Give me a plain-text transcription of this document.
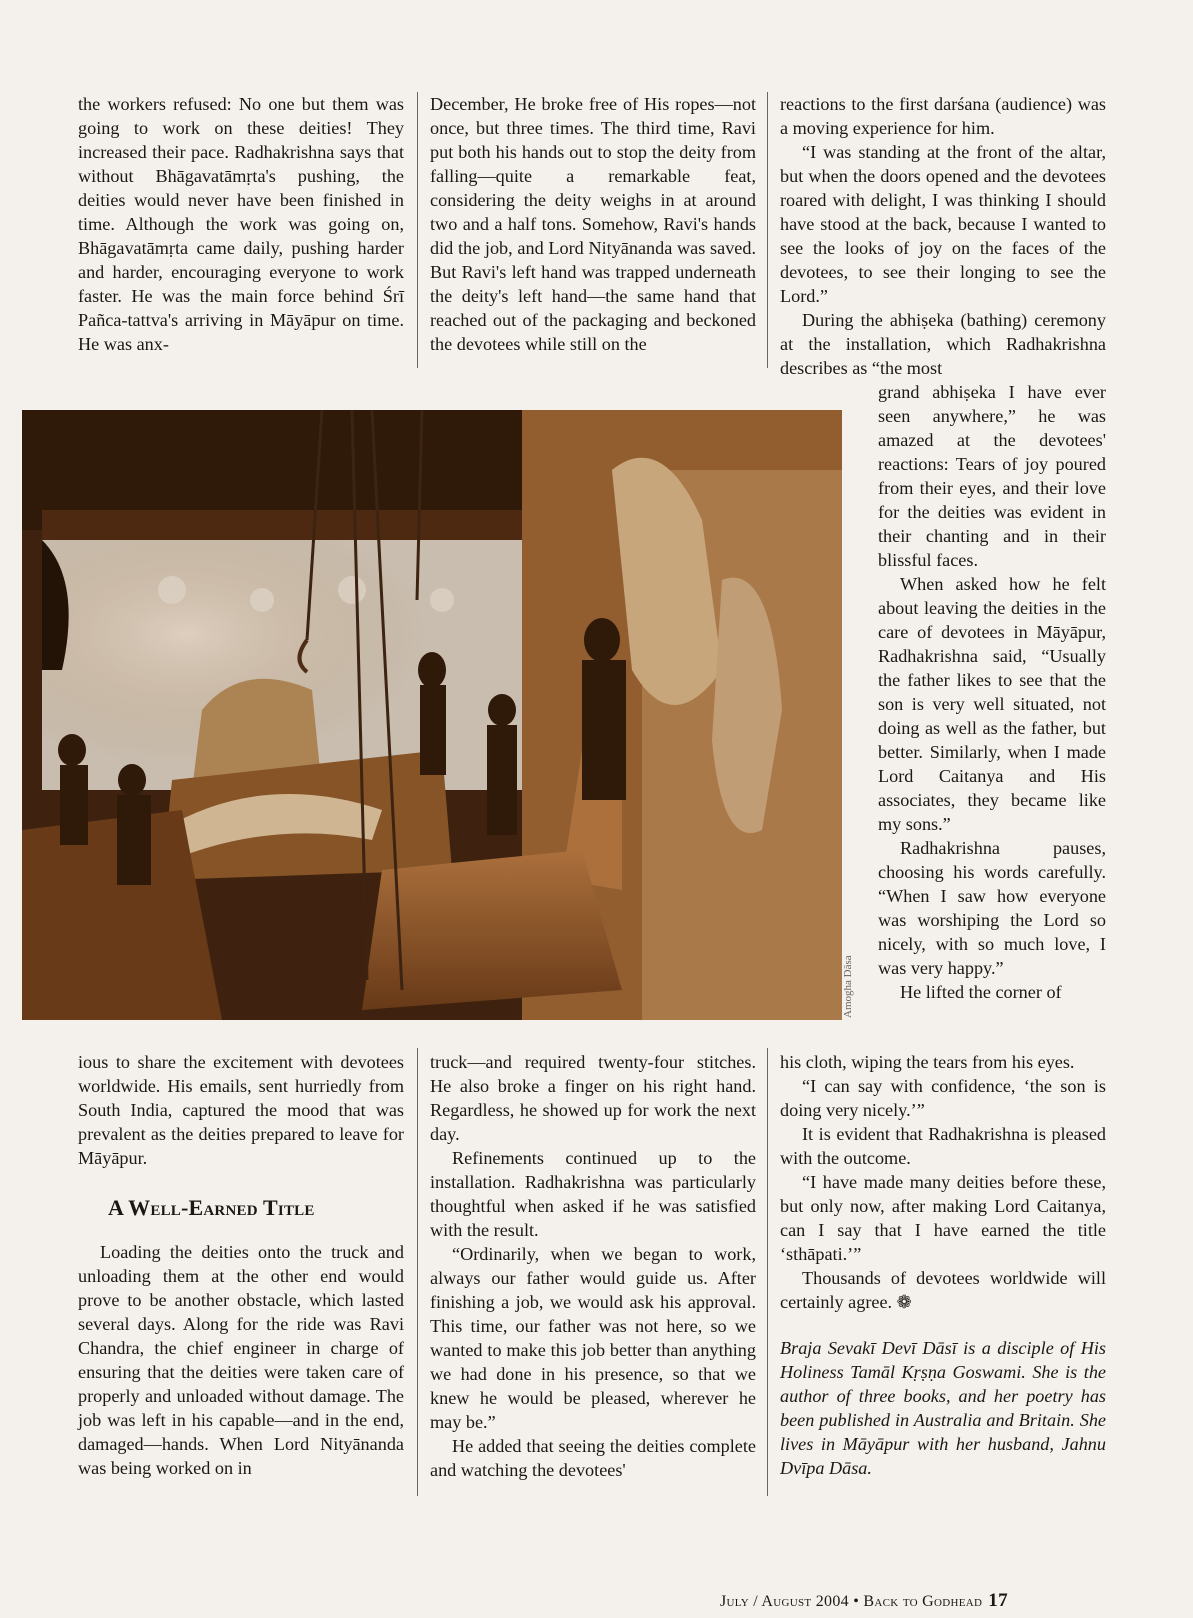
the workers refused: No one but them was going to work on these deities! They increased their pace. Radhakrishna says that without Bhāgavatāmṛta's pushing, the deities would never have been finished in time. Although the work was going on, Bhāgavatāmṛta came daily, pushing harder and harder, encouraging everyone to work faster. He was the main force behind Śrī Pañca-tattva's arriving in Māyāpur on time. He was anx-

ious to share the excitement with devotees worldwide. His emails, sent hurriedly from South India, captured the mood that was prevalent as the deities prepared to leave for Māyāpur.

A Well-Earned Title

Loading the deities onto the truck and unloading them at the other end would prove to be another obstacle, which lasted several days. Along for the ride was Ravi Chandra, the chief engineer in charge of ensuring that the deities were taken care of properly and unloaded without damage. The job was left in his capable—and in the end, damaged—hands. When Lord Nityānanda was being worked on in

December, He broke free of His ropes—not once, but three times. The third time, Ravi put both his hands out to stop the deity from falling—quite a remarkable feat, considering the deity weighs in at around two and a half tons. Somehow, Ravi's hands did the job, and Lord Nityānanda was saved. But Ravi's left hand was trapped underneath the deity's left hand—the same hand that reached out of the packaging and beckoned the devotees while still on the

truck—and required twenty-four stitches. He also broke a finger on his right hand. Regardless, he showed up for work the next day.

Refinements continued up to the installation. Radhakrishna was particularly thoughtful when asked if he was satisfied with the result.

“Ordinarily, when we began to work, always our father would guide us. After finishing a job, we would ask his approval. This time, our father was not here, so we wanted to make this job better than anything we had done in his presence, so that we knew he would be pleased, wherever he may be.”

He added that seeing the deities complete and watching the devotees'

reactions to the first darśana (audience) was a moving experience for him.

“I was standing at the front of the altar, but when the doors opened and the devotees roared with delight, I was thinking I should have stood at the back, because I wanted to see the looks of joy on the faces of the devotees, to see their longing to see the Lord.”

During the abhiṣeka (bathing) ceremony at the installation, which Radhakrishna describes as “the most

grand abhiṣeka I have ever seen anywhere,” he was amazed at the devotees' reactions: Tears of joy poured from their eyes, and their love for the deities was evident in their chanting and in their blissful faces.

When asked how he felt about leaving the deities in the care of devotees in Māyāpur, Radhakrishna said, “Usually the father likes to see that the son is very well situated, not doing as well as the father, but better. Similarly, when I made Lord Caitanya and His associates, they became like my sons.”

Radhakrishna pauses, choosing his words carefully. “When I saw how everyone was worshiping the Lord so nicely, with so much love, I was very happy.”

He lifted the corner of

his cloth, wiping the tears from his eyes.

“I can say with confidence, ‘the son is doing very nicely.’”

It is evident that Radhakrishna is pleased with the outcome.

“I have made many deities before these, but only now, after making Lord Caitanya, can I say that I have earned the title ‘sthāpati.’”

Thousands of devotees worldwide will certainly agree. ❁

Braja Sevakī Devī Dāsī is a disciple of His Holiness Tamāl Kṛṣṇa Goswami. She is the author of three books, and her poetry has been published in Australia and Britain. She lives in Māyāpur with her husband, Jahnu Dvīpa Dāsa.

Amogha Dāsa
July / August 2004 • Back to Godhead 17
